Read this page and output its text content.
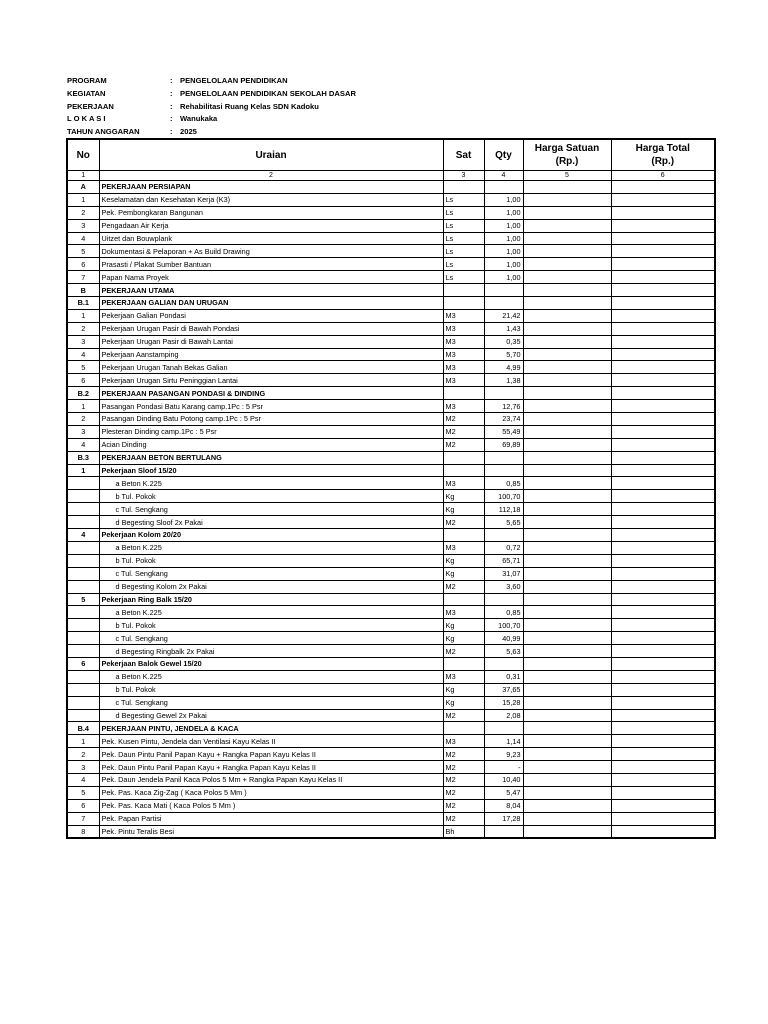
PROGRAM	: PENGELOLAAN PENDIDIKAN
KEGIATAN	: PENGELOLAAN PENDIDIKAN SEKOLAH DASAR
PEKERJAAN	: Rehabilitasi Ruang Kelas SDN Kadoku
L O K A S I	: Wanukaka
TAHUN ANGGARAN	: 2025
No	Uraian	Sat	Qty	Harga Satuan
(Rp.)	Harga Total
(Rp.)
1	2	3	4	5	6
A	PEKERJAAN PERSIAPAN				
1	Keselamatan dan Kesehatan Kerja (K3)	Ls	1,00		
2	Pek. Pembongkaran Bangunan	Ls	1,00		
3	Pengadaan Air Kerja	Ls	1,00		
4	Uitzet dan Bouwplank	Ls	1,00		
5	Dokumentasi & Pelaporan + As Build Drawing	Ls	1,00		
6	Prasasti / Plakat Sumber Bantuan	Ls	1,00		
7	Papan Nama Proyek	Ls	1,00		
B	PEKERJAAN UTAMA				
B.1	PEKERJAAN GALIAN DAN URUGAN				
1	Pekerjaan Galian Pondasi	M3	21,42		
2	Pekerjaan Urugan Pasir di Bawah Pondasi	M3	1,43		
3	Pekerjaan Urugan Pasir di Bawah Lantai	M3	0,35		
4	Pekerjaan Aanstamping	M3	5,70		
5	Pekerjaan Urugan Tanah Bekas Galian	M3	4,99		
6	Pekerjaan Urugan Sirtu Peninggian Lantai	M3	1,38		
B.2	PEKERJAAN PASANGAN PONDASI & DINDING				
1	Pasangan Pondasi Batu Karang camp.1Pc : 5 Psr	M3	12,76		
2	Pasangan Dinding Batu Potong camp.1Pc : 5 Psr	M2	23,74		
3	Plesteran Dinding camp.1Pc : 5 Psr	M2	55,49		
4	Acian Dinding	M2	69,89		
B.3	PEKERJAAN BETON BERTULANG				
1	Pekerjaan Sloof 15/20				
	a Beton K.225	M3	0,85		
	b Tul. Pokok	Kg	100,70		
	c Tul. Sengkang	Kg	112,18		
	d Begesting Sloof 2x Pakai	M2	5,65		
4	Pekerjaan Kolom 20/20				
	a Beton K.225	M3	0,72		
	b Tul. Pokok	Kg	65,71		
	c Tul. Sengkang	Kg	31,07		
	d Begesting Kolom 2x Pakai	M2	3,60		
5	Pekerjaan Ring Balk 15/20				
	a Beton K.225	M3	0,85		
	b Tul. Pokok	Kg	100,70		
	c Tul. Sengkang	Kg	40,99		
	d Begesting Ringbalk 2x Pakai	M2	5,63		
6	Pekerjaan Balok Gewel 15/20				
	a Beton K.225	M3	0,31		
	b Tul. Pokok	Kg	37,65		
	c Tul. Sengkang	Kg	15,28		
	d Begesting Gewel 2x Pakai	M2	2,08		
B.4	PEKERJAAN PINTU, JENDELA & KACA				
1	Pek. Kusen Pintu, Jendela dan Ventilasi Kayu Kelas II	M3	1,14		
2	Pek. Daun Pintu Panil Papan Kayu + Rangka Papan Kayu Kelas II	M2	9,23		
3	Pek. Daun Pintu Panil Papan Kayu + Rangka Papan Kayu Kelas II	M2	-		
4	Pek. Daun Jendela Panil Kaca Polos 5 Mm + Rangka Papan Kayu Kelas II	M2	10,40		
5	Pek. Pas. Kaca Zig-Zag ( Kaca Polos 5 Mm )	M2	5,47		
6	Pek. Pas. Kaca Mati ( Kaca Polos 5 Mm )	M2	8,04		
7	Pek. Papan Partisi	M2	17,28		
8	Pek. Pintu Teralis Besi	Bh			
